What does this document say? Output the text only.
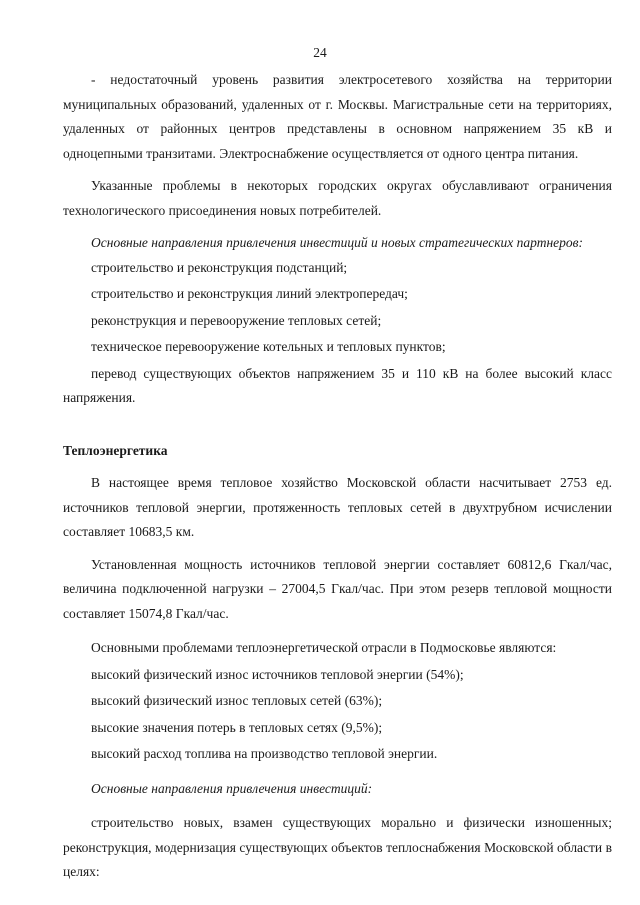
24

- недостаточный уровень развития электросетевого хозяйства на территории муниципальных образований, удаленных от г. Москвы. Магистральные сети на территориях, удаленных от районных центров представлены в основном напряжением 35 кВ и одноцепными транзитами. Электроснабжение осуществляется от одного центра питания.

Указанные проблемы в некоторых городских округах обуславливают ограничения технологического присоединения новых потребителей.

Основные направления привлечения инвестиций и новых стратегических партнеров:

строительство и реконструкция подстанций;

строительство и реконструкция линий электропередач;

реконструкция и перевооружение тепловых сетей;

техническое перевооружение котельных и тепловых пунктов;

перевод существующих объектов напряжением 35 и 110 кВ на более высокий класс напряжения.

Теплоэнергетика

В настоящее время тепловое хозяйство Московской области насчитывает 2753 ед. источников тепловой энергии, протяженность тепловых сетей в двухтрубном исчислении составляет 10683,5 км.

Установленная мощность источников тепловой энергии составляет 60812,6 Гкал/час, величина подключенной нагрузки – 27004,5 Гкал/час. При этом резерв тепловой мощности составляет 15074,8 Гкал/час.

Основными проблемами теплоэнергетической отрасли в Подмосковье являются:

высокий физический износ источников тепловой энергии (54%);

высокий физический износ тепловых сетей (63%);

высокие значения потерь в тепловых сетях (9,5%);

высокий расход топлива на производство тепловой энергии.

Основные направления привлечения инвестиций:

строительство новых, взамен существующих морально и физически изношенных; реконструкция, модернизация существующих объектов теплоснабжения Московской области в целях:
